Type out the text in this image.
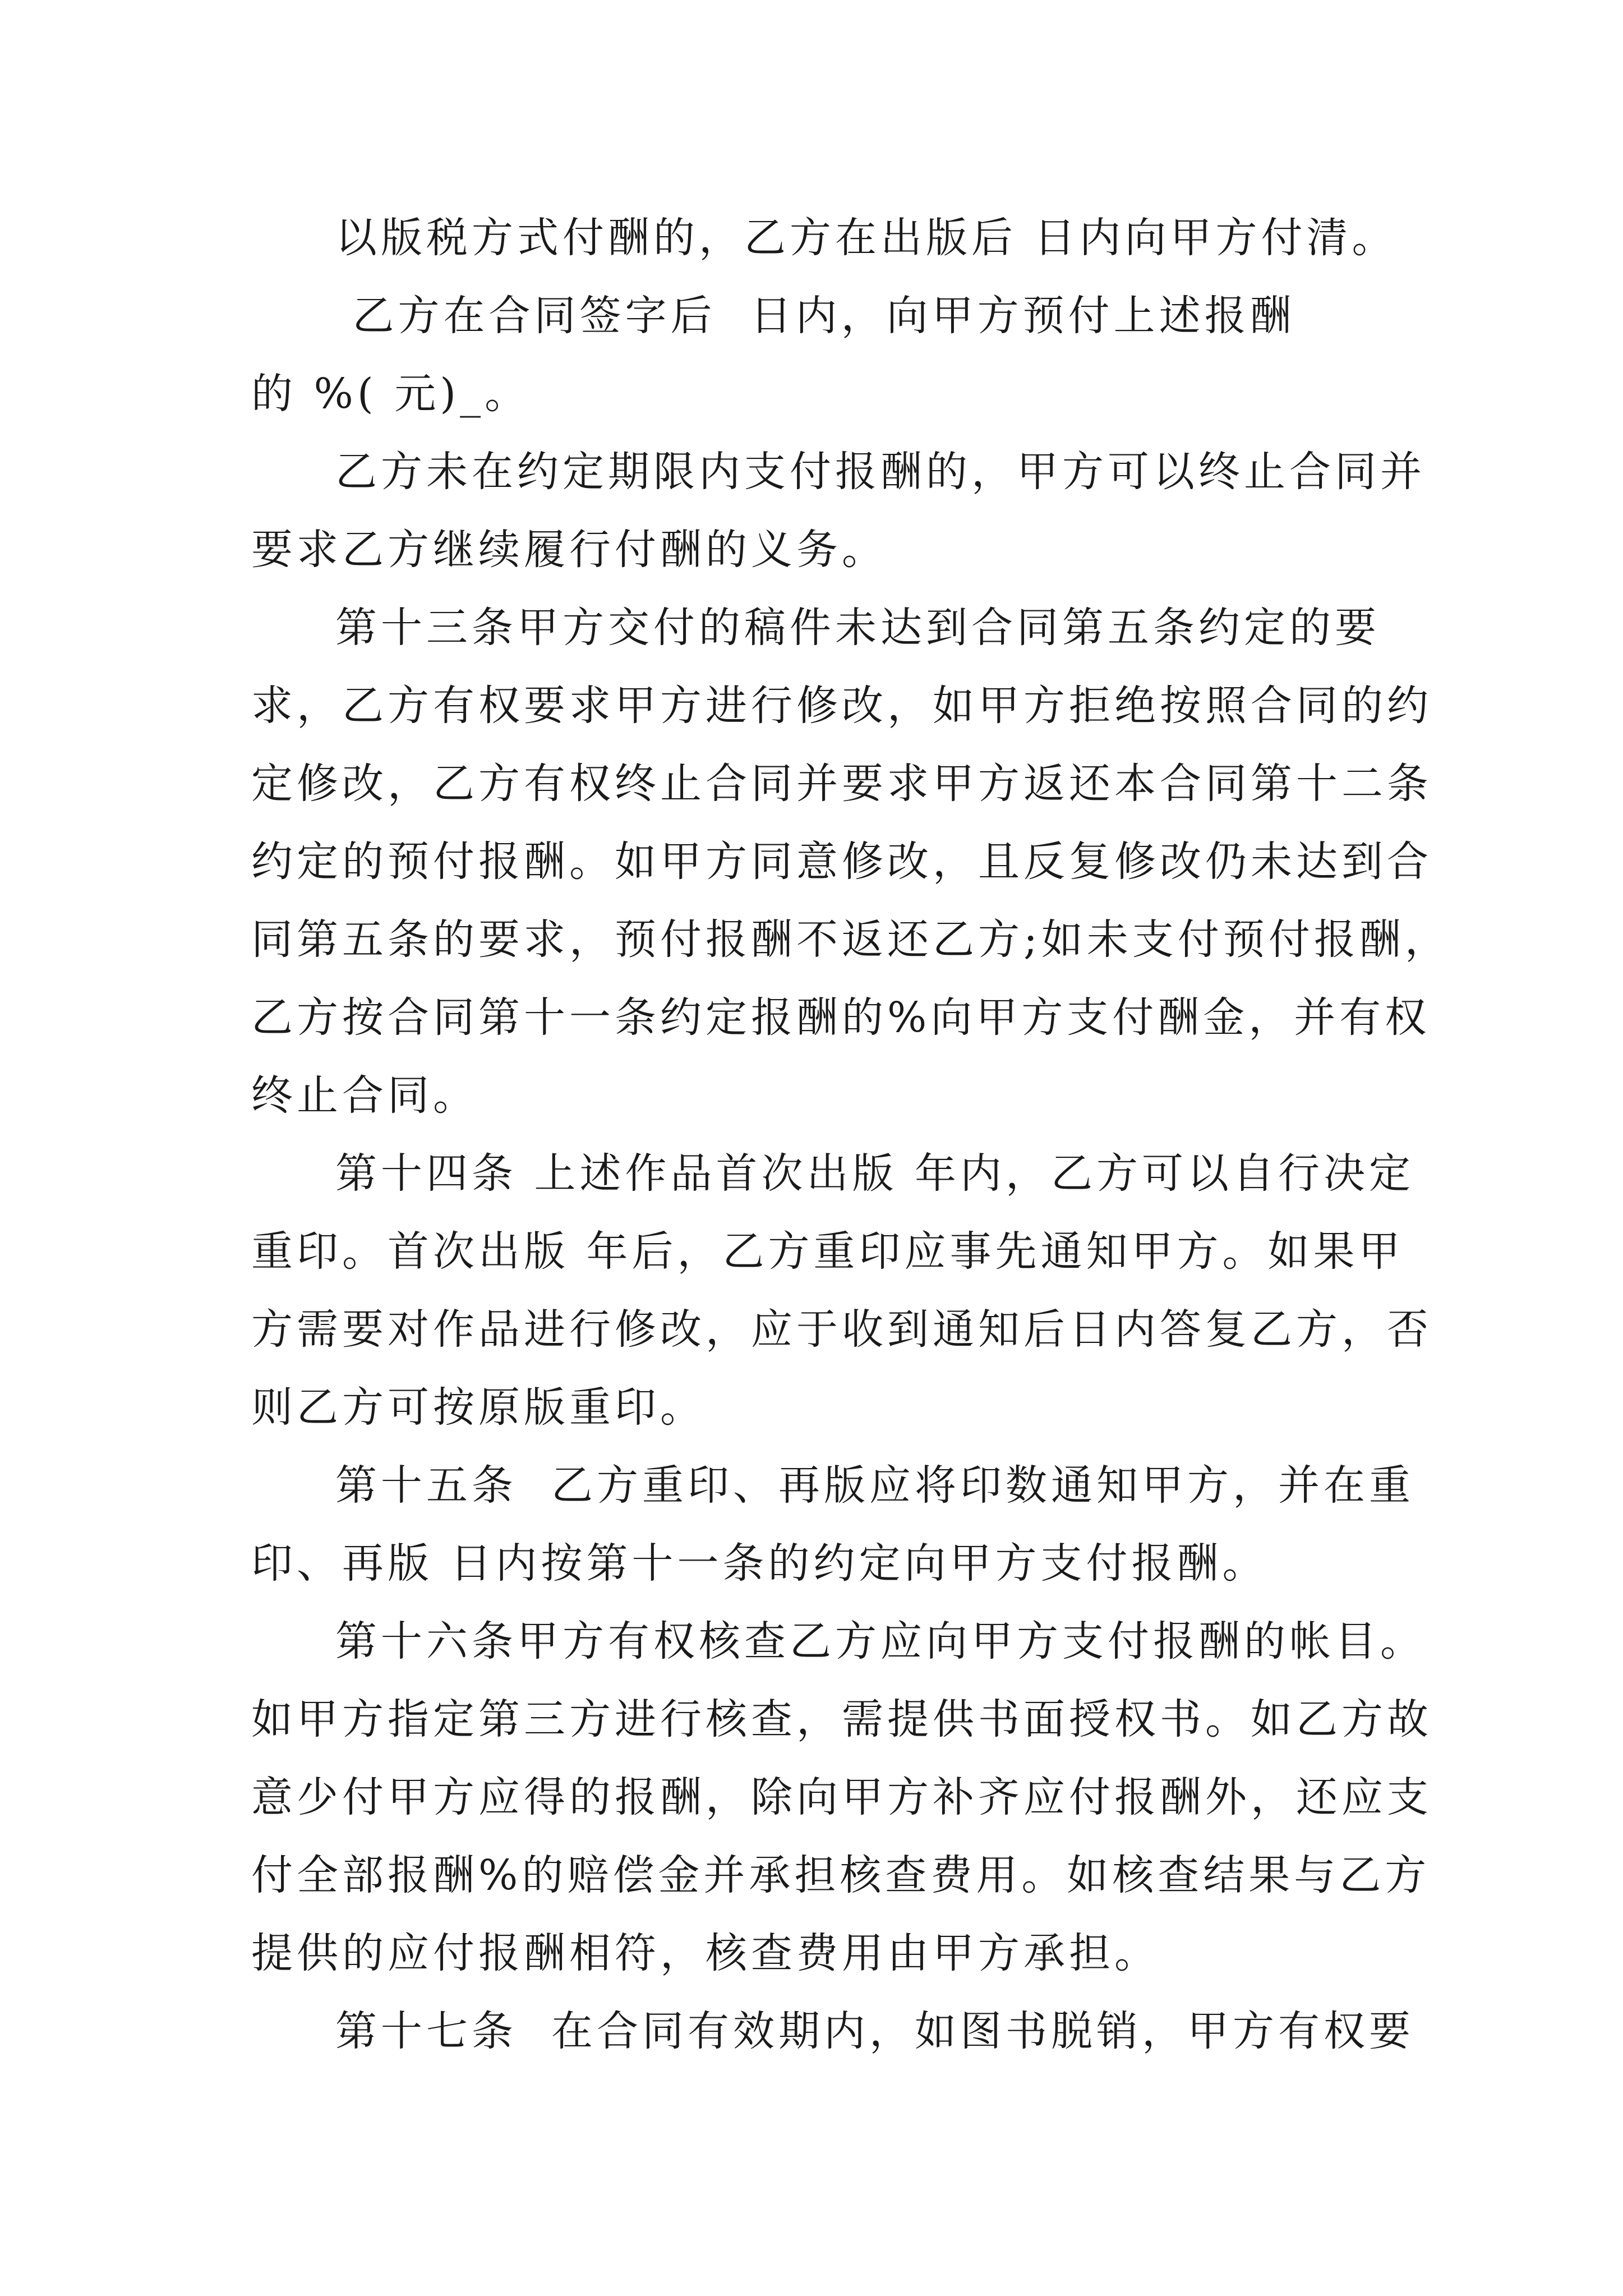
以版税方式付酬的，乙方在出版后 日内向甲方付清。
乙方在合同签字后  日内，向甲方预付上述报酬
的 %( 元)_。
乙方未在约定期限内支付报酬的，甲方可以终止合同并
要求乙方继续履行付酬的义务。
第十三条甲方交付的稿件未达到合同第五条约定的要
求，乙方有权要求甲方进行修改，如甲方拒绝按照合同的约
定修改，乙方有权终止合同并要求甲方返还本合同第十二条
约定的预付报酬。如甲方同意修改，且反复修改仍未达到合
同第五条的要求，预付报酬不返还乙方;如未支付预付报酬，
乙方按合同第十一条约定报酬的%向甲方支付酬金，并有权
终止合同。
第十四条 上述作品首次出版 年内，乙方可以自行决定
重印。首次出版 年后，乙方重印应事先通知甲方。如果甲
方需要对作品进行修改，应于收到通知后日内答复乙方，否
则乙方可按原版重印。
第十五条  乙方重印、再版应将印数通知甲方，并在重
印、再版 日内按第十一条的约定向甲方支付报酬。
第十六条甲方有权核查乙方应向甲方支付报酬的帐目。
如甲方指定第三方进行核查，需提供书面授权书。如乙方故
意少付甲方应得的报酬，除向甲方补齐应付报酬外，还应支
付全部报酬%的赔偿金并承担核查费用。如核查结果与乙方
提供的应付报酬相符，核查费用由甲方承担。
第十七条  在合同有效期内，如图书脱销，甲方有权要
